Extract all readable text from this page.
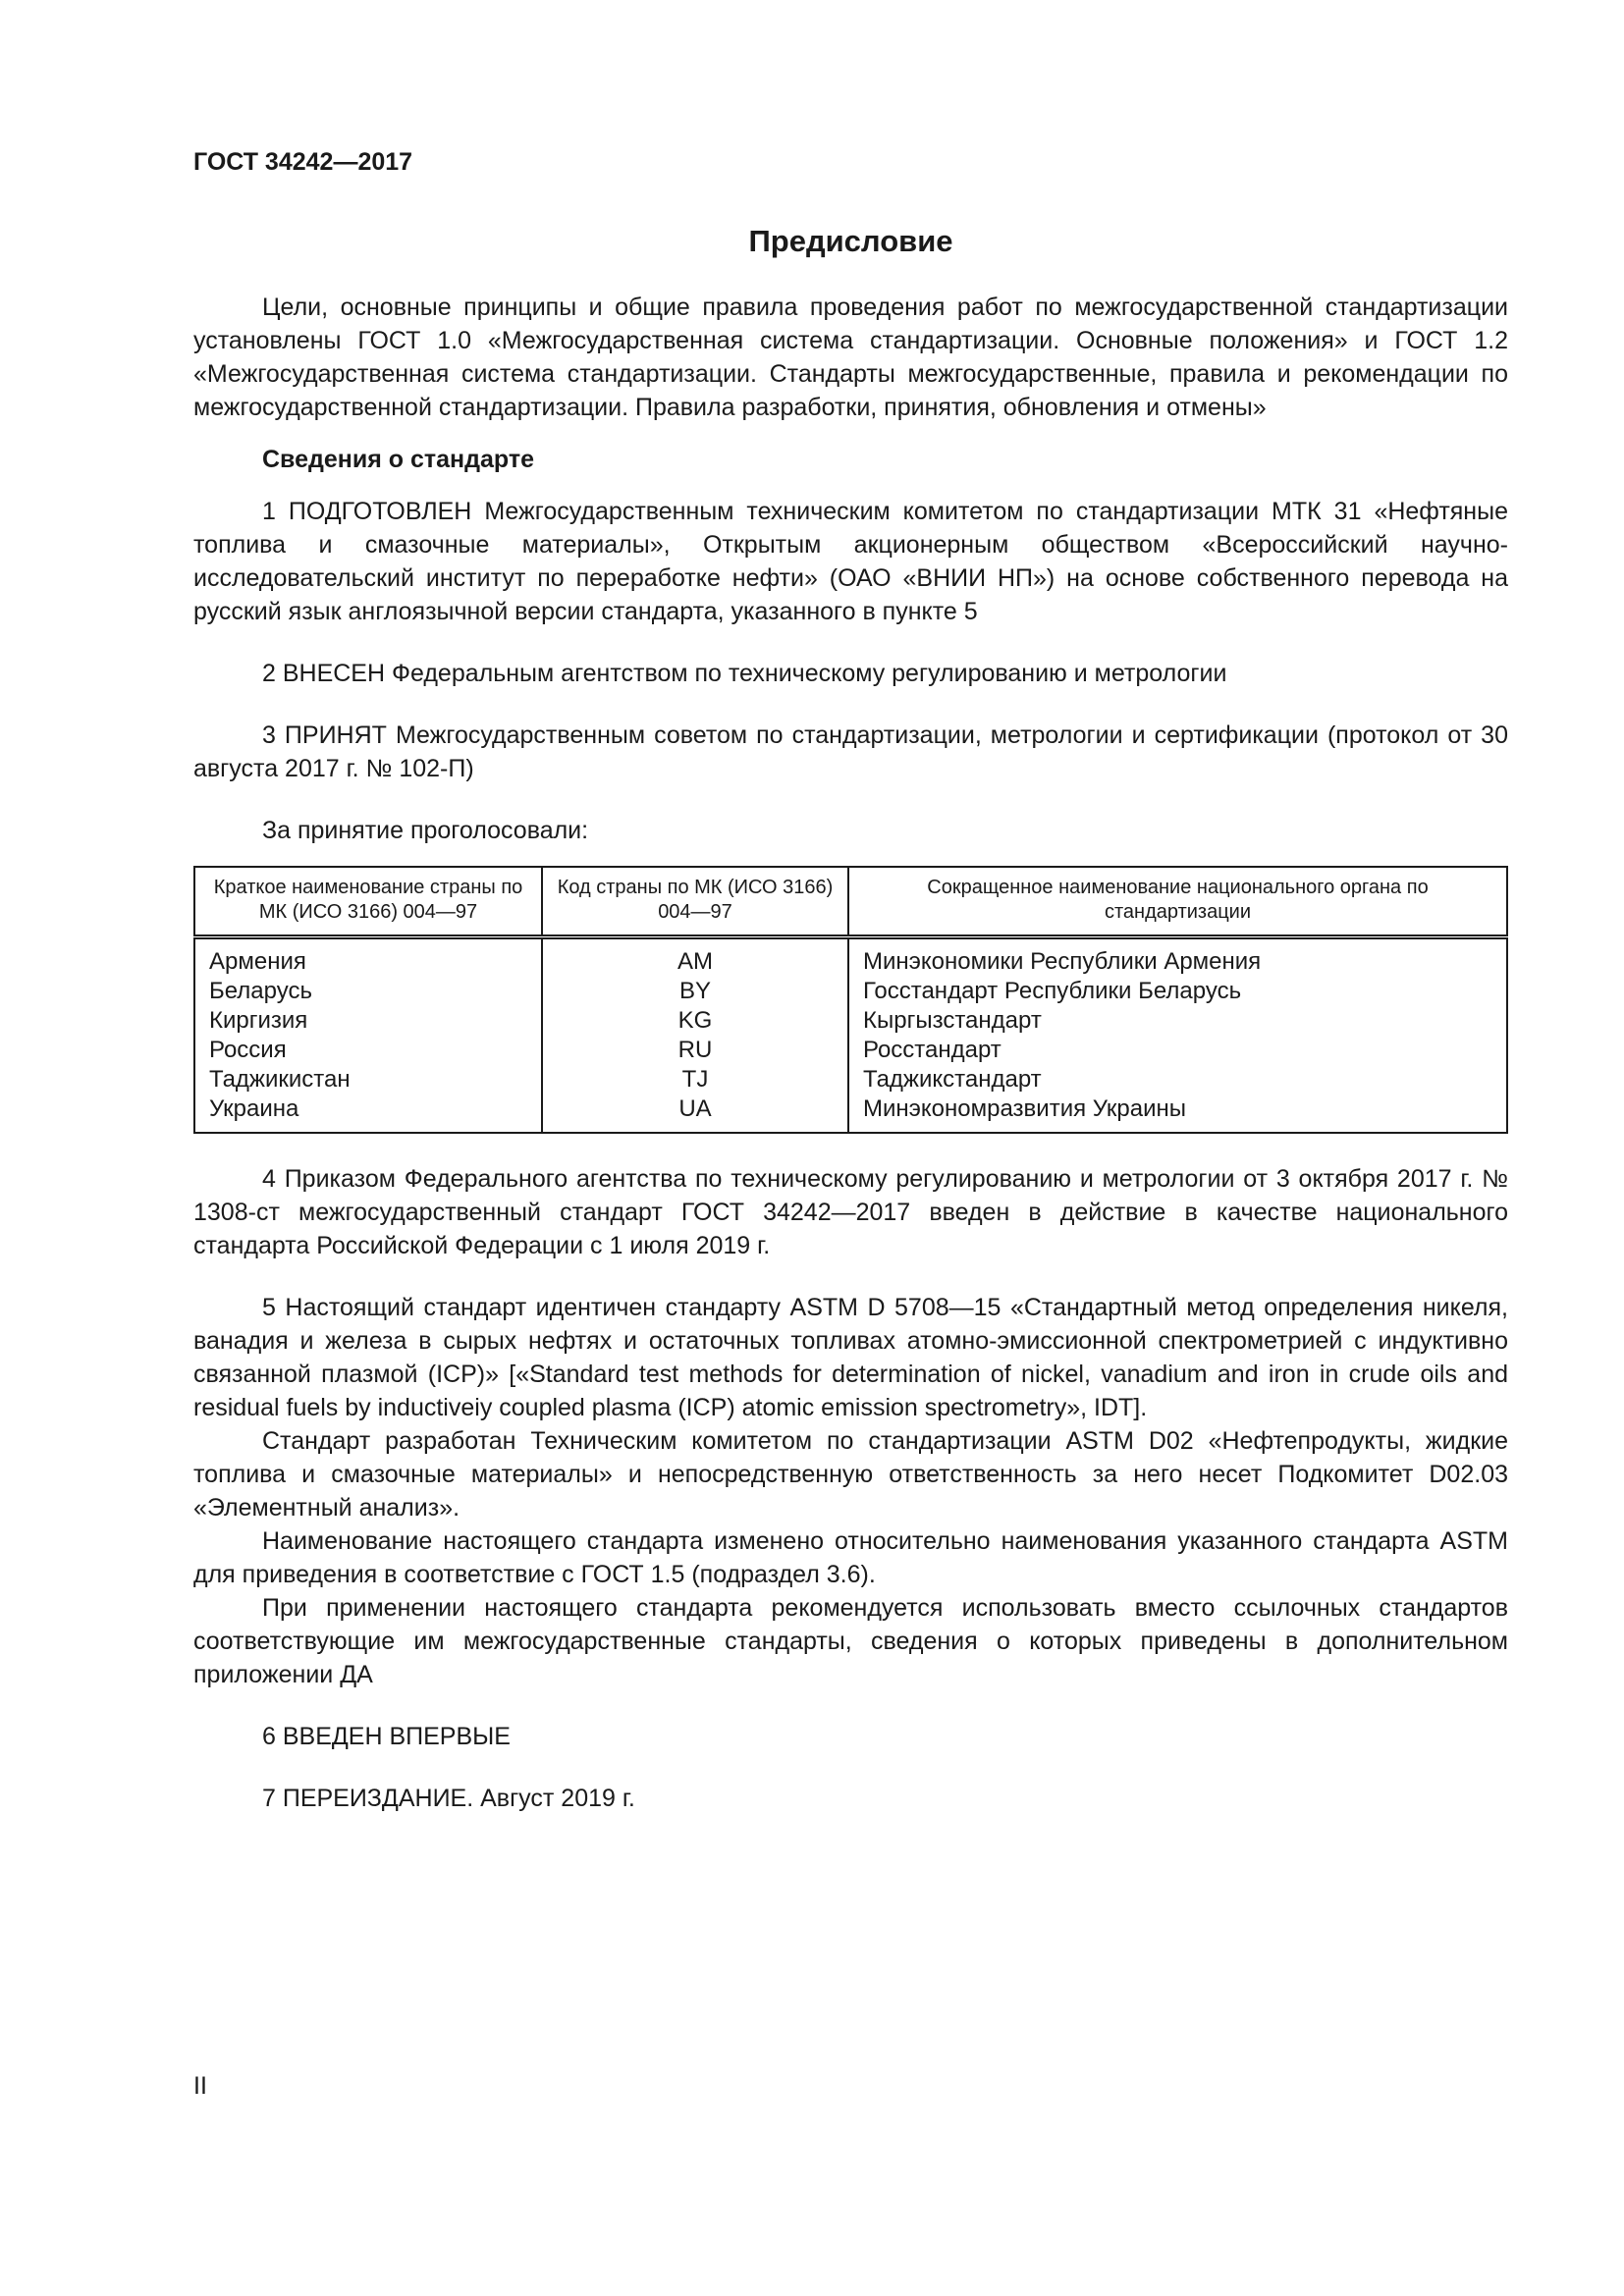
ГОСТ 34242—2017

Предисловие

Цели, основные принципы и общие правила проведения работ по межгосударственной стандартизации установлены ГОСТ 1.0 «Межгосударственная система стандартизации. Основные положения» и ГОСТ 1.2 «Межгосударственная система стандартизации. Стандарты межгосударственные, правила и рекомендации по межгосударственной стандартизации. Правила разработки, принятия, обновления и отмены»

Сведения о стандарте

1 ПОДГОТОВЛЕН Межгосударственным техническим комитетом по стандартизации МТК 31 «Нефтяные топлива и смазочные материалы», Открытым акционерным обществом «Всероссийский научно-исследовательский институт по переработке нефти» (ОАО «ВНИИ НП») на основе собственного перевода на русский язык англоязычной версии стандарта, указанного в пункте 5

2 ВНЕСЕН Федеральным агентством по техническому регулированию и метрологии

3 ПРИНЯТ Межгосударственным советом по стандартизации, метрологии и сертификации (протокол от 30 августа 2017 г. № 102-П)

За принятие проголосовали:

Краткое наименование страны по МК (ИСО 3166) 004—97	Код страны по МК (ИСО 3166) 004—97	Сокращенное наименование национального органа по стандартизации
Армения	AM	Минэкономики Республики Армения
Беларусь	BY	Госстандарт Республики Беларусь
Киргизия	KG	Кыргызстандарт
Россия	RU	Росстандарт
Таджикистан	TJ	Таджикстандарт
Украина	UA	Минэкономразвития Украины

4 Приказом Федерального агентства по техническому регулированию и метрологии от 3 октября 2017 г. № 1308-ст межгосударственный стандарт ГОСТ 34242—2017 введен в действие в качестве национального стандарта Российской Федерации с 1 июля 2019 г.

5 Настоящий стандарт идентичен стандарту ASTM D 5708—15 «Стандартный метод определения никеля, ванадия и железа в сырых нефтях и остаточных топливах атомно-эмиссионной спектрометрией с индуктивно связанной плазмой (ICP)» [«Standard test methods for determination of nickel, vanadium and iron in crude oils and residual fuels by inductiveiy coupled plasma (ICP) atomic emission spectrometry», IDT].

Стандарт разработан Техническим комитетом по стандартизации ASTM D02 «Нефтепродукты, жидкие топлива и смазочные материалы» и непосредственную ответственность за него несет Подкомитет D02.03 «Элементный анализ».

Наименование настоящего стандарта изменено относительно наименования указанного стандарта ASTM для приведения в соответствие с ГОСТ 1.5 (подраздел 3.6).

При применении настоящего стандарта рекомендуется использовать вместо ссылочных стандартов соответствующие им межгосударственные стандарты, сведения о которых приведены в дополнительном приложении ДА

6 ВВЕДЕН ВПЕРВЫЕ

7 ПЕРЕИЗДАНИЕ. Август 2019 г.

II
